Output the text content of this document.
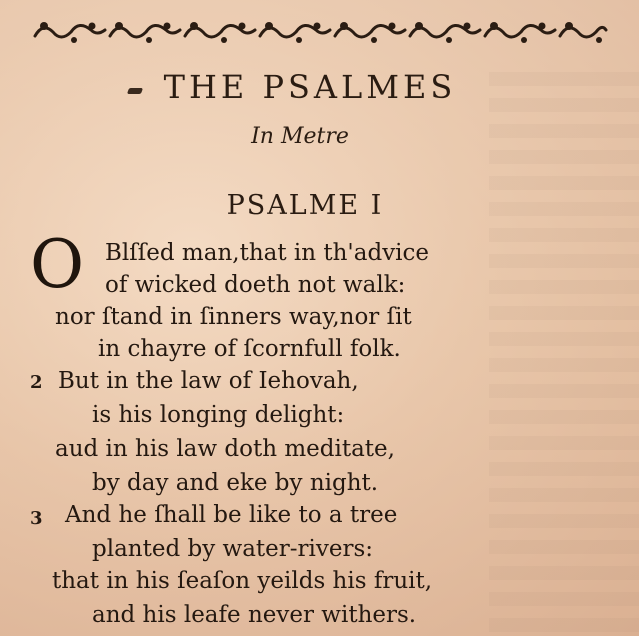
THE PSALMES
In Metre
PSALME I
O Blſſed man,that in th'advice
of wicked doeth not walk:
nor ſtand in ſinners way,nor ſit
in chayre of ſcornfull folk.
2 But in the law of Iehovah,
is his longing delight:
aud in his law doth meditate,
by day and eke by night.
3 And he ſhall be like to a tree
planted by water-rivers:
that in his ſeaſon yeilds his fruit,
and his leafe never withers.
